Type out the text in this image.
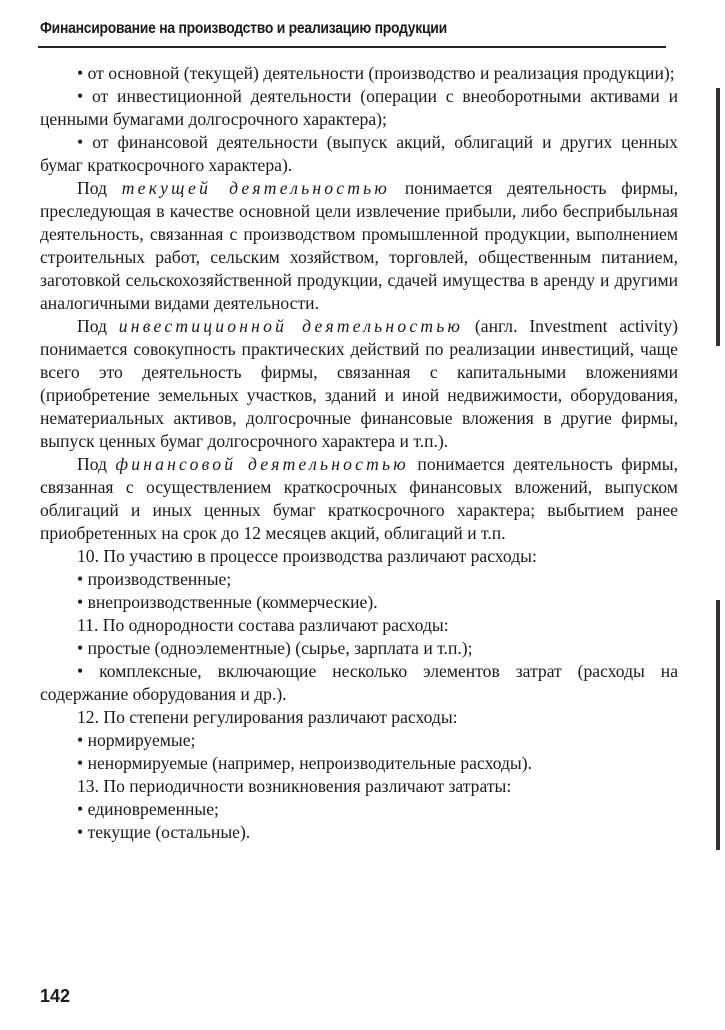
Финансирование на производство и реализацию продукции

• от основной (текущей) деятельности (производство и реализация продукции);

• от инвестиционной деятельности (операции с внеоборотными активами и ценными бумагами долгосрочного характера);

• от финансовой деятельности (выпуск акций, облигаций и других ценных бумаг краткосрочного характера).

Под текущей деятельностью понимается деятельность фирмы, преследующая в качестве основной цели извлечение прибыли, либо бесприбыльная деятельность, связанная с производством промышленной продукции, выполнением строительных работ, сельским хозяйством, торговлей, общественным питанием, заготовкой сельскохозяйственной продукции, сдачей имущества в аренду и другими аналогичными видами деятельности.

Под инвестиционной деятельностью (англ. Investment activity) понимается совокупность практических действий по реализации инвестиций, чаще всего это деятельность фирмы, связанная с капитальными вложениями (приобретение земельных участков, зданий и иной недвижимости, оборудования, нематериальных активов, долгосрочные финансовые вложения в другие фирмы, выпуск ценных бумаг долгосрочного характера и т.п.).

Под финансовой деятельностью понимается деятельность фирмы, связанная с осуществлением краткосрочных финансовых вложений, выпуском облигаций и иных ценных бумаг краткосрочного характера; выбытием ранее приобретенных на срок до 12 месяцев акций, облигаций и т.п.

10. По участию в процессе производства различают расходы:

• производственные;

• внепроизводственные (коммерческие).

11. По однородности состава различают расходы:

• простые (одноэлементные) (сырье, зарплата и т.п.);

• комплексные, включающие несколько элементов затрат (расходы на содержание оборудования и др.).

12. По степени регулирования различают расходы:

• нормируемые;

• ненормируемые (например, непроизводительные расходы).

13. По периодичности возникновения различают затраты:

• единовременные;

• текущие (остальные).

142
